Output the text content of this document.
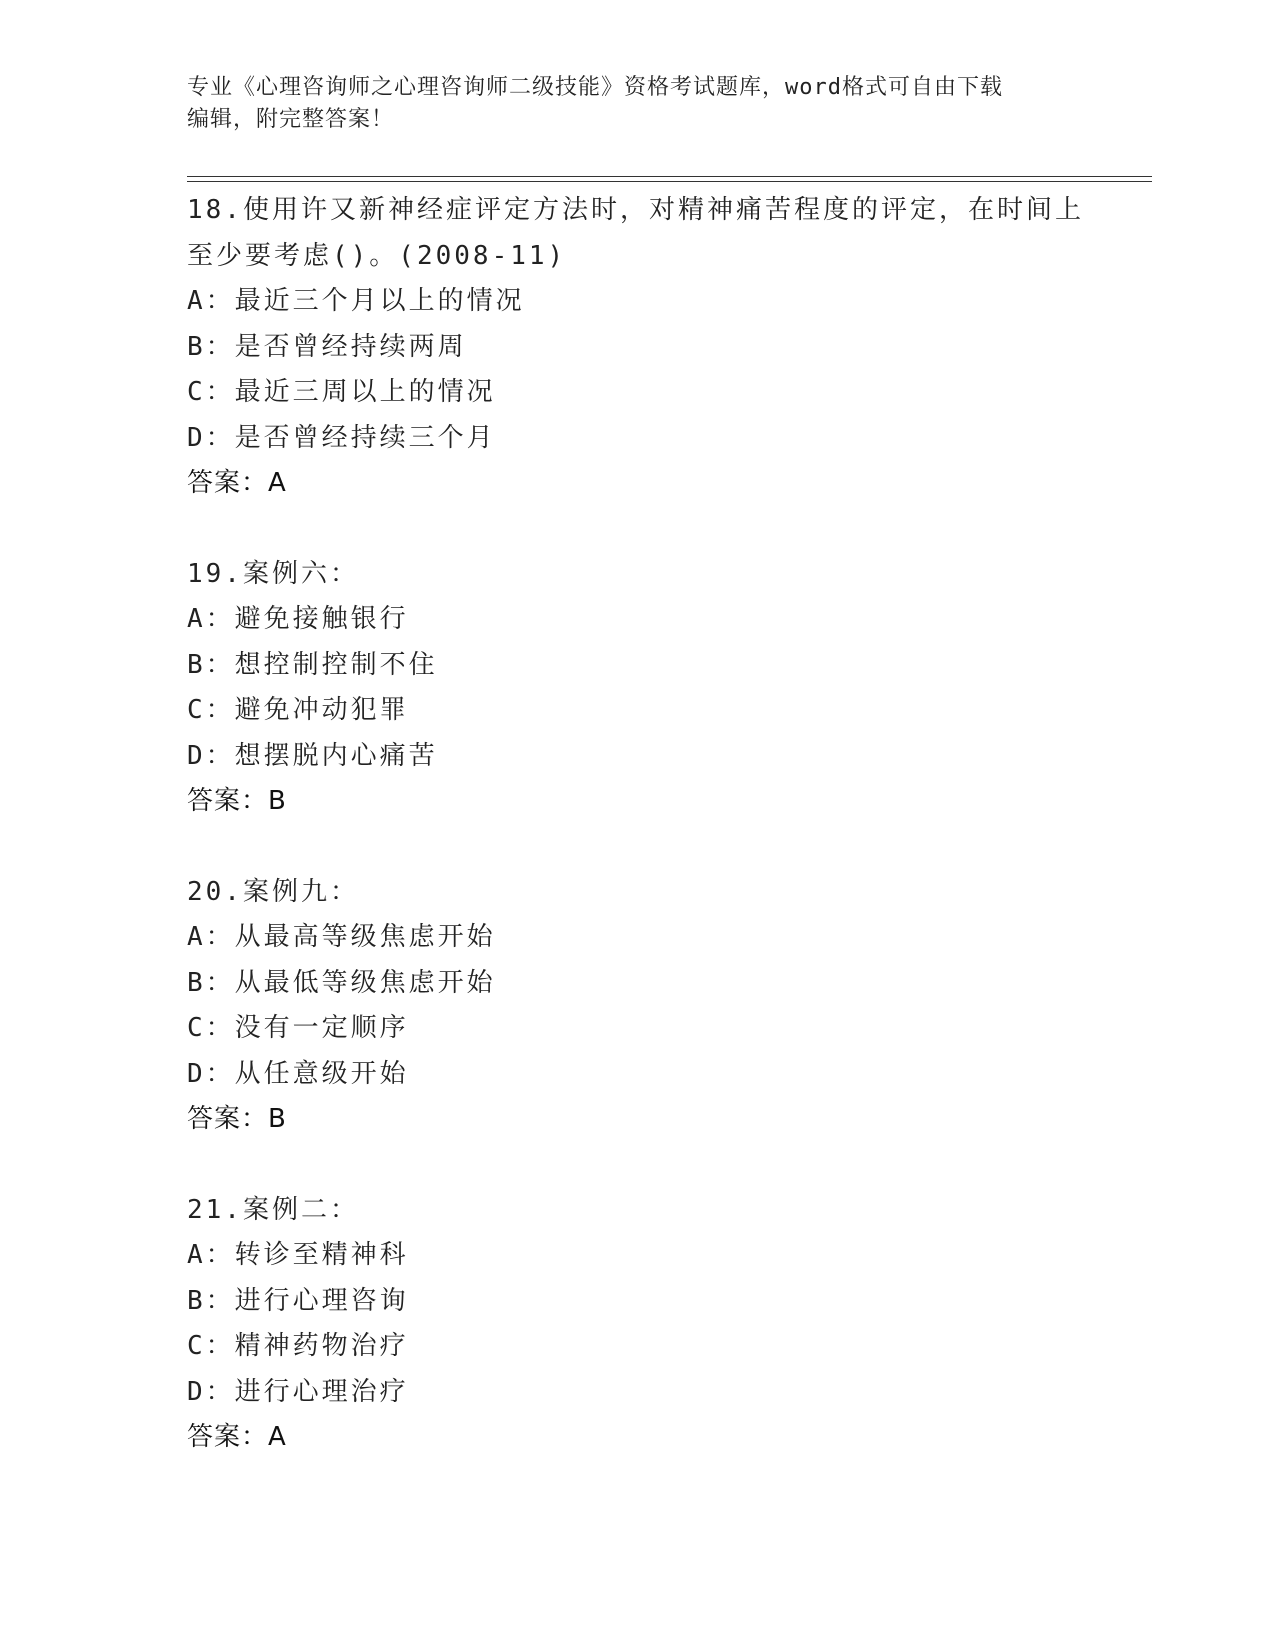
专业《心理咨询师之心理咨询师二级技能》资格考试题库，word格式可自由下载
编辑，附完整答案！
18.使用许又新神经症评定方法时，对精神痛苦程度的评定，在时间上
至少要考虑()。(2008-11)
A：最近三个月以上的情况
B：是否曾经持续两周
C：最近三周以上的情况
D：是否曾经持续三个月
答案：A
19.案例六：
A：避免接触银行
B：想控制控制不住
C：避免冲动犯罪
D：想摆脱内心痛苦
答案：B
20.案例九：
A：从最高等级焦虑开始
B：从最低等级焦虑开始
C：没有一定顺序
D：从任意级开始
答案：B
21.案例二：
A：转诊至精神科
B：进行心理咨询
C：精神药物治疗
D：进行心理治疗
答案：A
